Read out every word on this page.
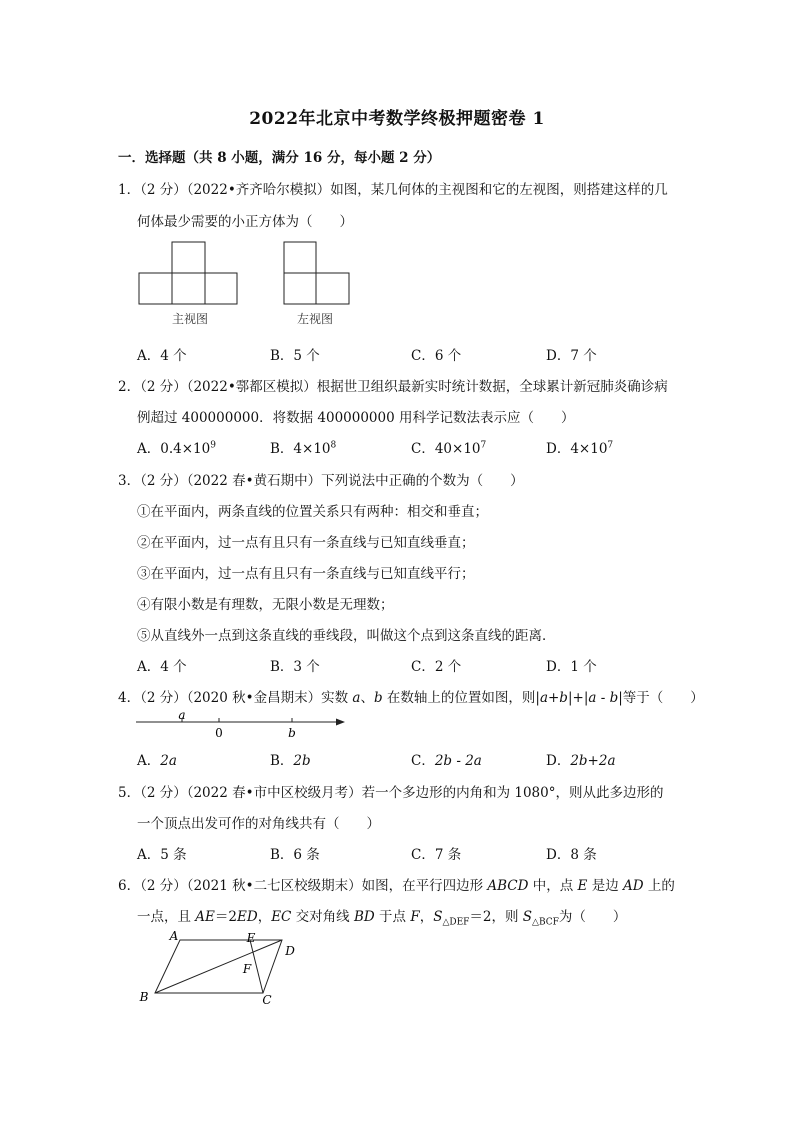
2022年北京中考数学终极押题密卷 1
一．选择题（共 8 小题，满分 16 分，每小题 2 分）
1．（2 分）（2022•齐齐哈尔模拟）如图，某几何体的主视图和它的左视图，则搭建这样的几
何体最少需要的小正方体为（　　）
主视图	左视图
A．4 个	B．5 个	C．6 个	D．7 个
2．（2 分）（2022•鄠都区模拟）根据世卫组织最新实时统计数据，全球累计新冠肺炎确诊病
例超过 400000000．将数据 400000000 用科学记数法表示应（　　）
A．$0.4\times 10^9$	B．$4\times 10^8$	C．$40\times 10^7$	D．$4\times 10^7$
3．（2 分）（2022 春•黄石期中）下列说法中正确的个数为（　　）
①在平面内，两条直线的位置关系只有两种：相交和垂直；
②在平面内，过一点有且只有一条直线与已知直线垂直；
③在平面内，过一点有且只有一条直线与已知直线平行；
④有限小数是有理数，无限小数是无理数；
⑤从直线外一点到这条直线的垂线段，叫做这个点到这条直线的距离．
A．4 个	B．3 个	C．2 个	D．1 个
4．（2 分）（2020 秋•金昌期末）实数 a、b 在数轴上的位置如图，则|a+b|+|a - b|等于（　　）
a
0	b
A．2a	B．2b	C．2b - 2a	D．2b+2a
5．（2 分）（2022 春•市中区校级月考）若一个多边形的内角和为 1080°，则从此多边形的
一个顶点出发可作的对角线共有（　　）
A．5 条	B．6 条	C．7 条	D．8 条
6．（2 分）（2021 秋•二七区校级期末）如图，在平行四边形 ABCD 中，点 E 是边 AD 上的
一点，且 AE＝2ED，EC 交对角线 BD 于点 F，$S_{\triangle DEF}=2$，则 $S_{\triangle BCF}$为（　　）
A	E
D
F
B	C
